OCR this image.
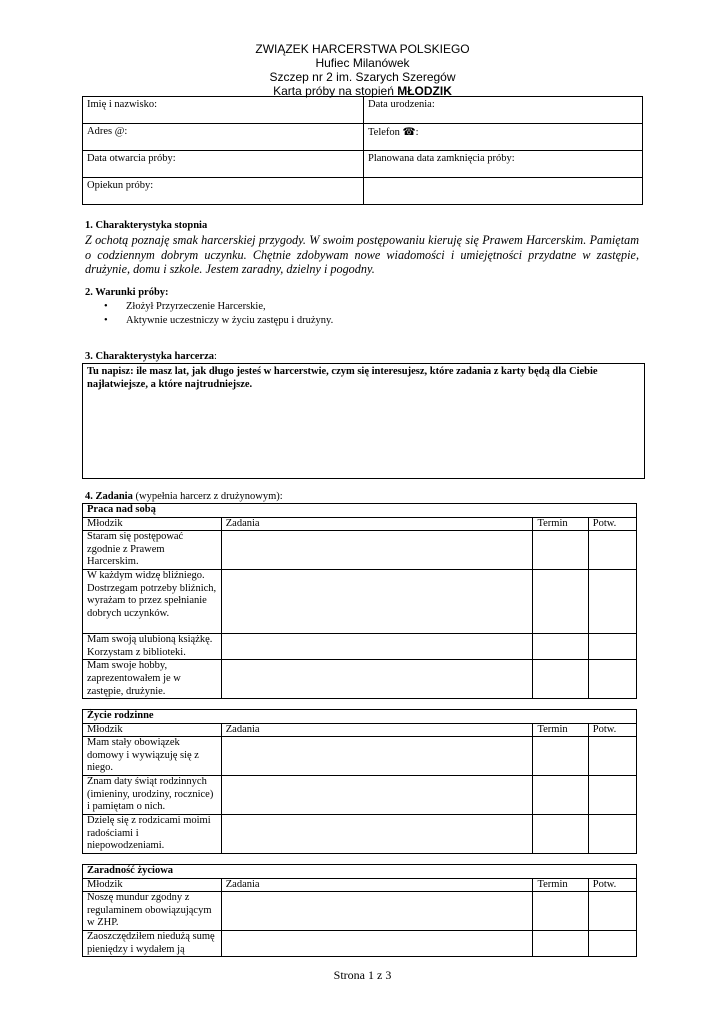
ZWIĄZEK HARCERSTWA POLSKIEGO
Hufiec Milanówek
Szczep nr 2 im. Szarych Szeregów
Karta próby na stopień MŁODZIK
Imię i nazwisko:	Data urodzenia:
Adres @:	Telefon ☎:
Data otwarcia próby:	Planowana data zamknięcia próby:
Opiekun próby:	
1. Charakterystyka stopnia
Z ochotą poznaję smak harcerskiej przygody. W swoim postępowaniu kieruję się Prawem Harcerskim. Pamiętam o codziennym dobrym uczynku. Chętnie zdobywam nowe wiadomości i umiejętności przydatne w zastępie, drużynie, domu i szkole. Jestem zaradny, dzielny i pogodny.
2. Warunki próby:
• Złożył Przyrzeczenie Harcerskie,
• Aktywnie uczestniczy w życiu zastępu i drużyny.
3. Charakterystyka harcerza:
Tu napisz: ile masz lat, jak długo jesteś w harcerstwie, czym się interesujesz, które zadania z karty będą dla Ciebie najłatwiejsze, a które najtrudniejsze.
4. Zadania (wypełnia harcerz z drużynowym):
Praca nad sobą			
Młodzik	Zadania	Termin	Potw.
Staram się postępować zgodnie z Prawem Harcerskim.			
W każdym widzę bliźniego. Dostrzegam potrzeby bliźnich, wyrażam to przez spełnianie dobrych uczynków.			
Mam swoją ulubioną książkę. Korzystam z biblioteki.			
Mam swoje hobby, zaprezentowałem je w zastępie, drużynie.			
Życie rodzinne			
Młodzik	Zadania	Termin	Potw.
Mam stały obowiązek domowy i wywiązuję się z niego.			
Znam daty świąt rodzinnych (imieniny, urodziny, rocznice) i pamiętam o nich.			
Dzielę się z rodzicami moimi radościami i niepowodzeniami.			
Zaradność życiowa			
Młodzik	Zadania	Termin	Potw.
Noszę mundur zgodny z regulaminem obowiązującym w ZHP.			
Zaoszczędziłem niedużą sumę pieniędzy i wydałem ją			
Strona 1 z 3
